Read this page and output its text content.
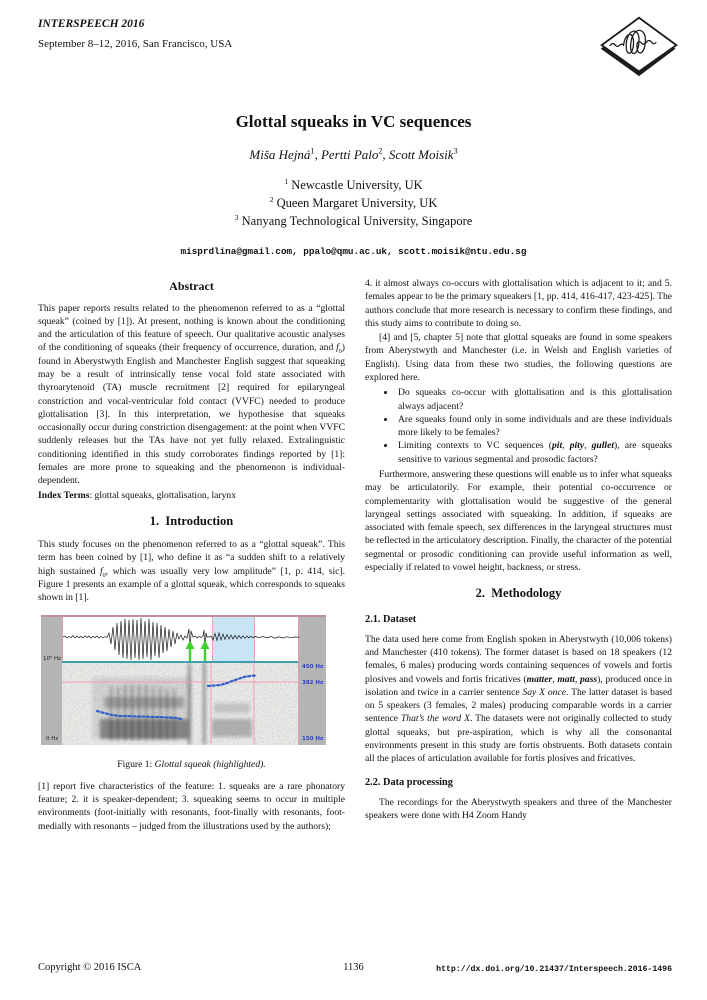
INTERSPEECH 2016
September 8–12, 2016, San Francisco, USA
Glottal squeaks in VC sequences
Miša Hejná$^1$, Pertti Palo$^2$, Scott Moisik$^3$
$^1$ Newcastle University, UK
$^2$ Queen Margaret University, UK
$^3$ Nanyang Technological University, Singapore
misprdlina@gmail.com, ppalo@qmu.ac.uk, scott.moisik@ntu.edu.sg
Abstract

This paper reports results related to the phenomenon referred to as a “glottal squeak” (coined by [1]). At present, nothing is known about the conditioning and the articulation of this feature of speech. Our qualitative acoustic analyses of the conditioning of squeaks (their frequency of occurrence, duration, and $f_0$) found in Aberystwyth English and Manchester English suggest that squeaking may be a result of intrinsically tense vocal fold state associated with thyroarytenoid (TA) muscle recruitment [2] required for epilaryngeal constriction and vocal-ventricular fold contact (VVFC) needed to produce glottalisation [3]. In this interpretation, we hypothesise that squeaks occasionally occur during constriction disengagement: at the point when VVFC suddenly releases but the TAs have not yet fully relaxed. Extralinguistic conditioning identified in this study corroborates findings reported by [1]: females are more prone to squeaking and the phenomenon is individual-dependent.

Index Terms: glottal squeaks, glottalisation, larynx

1.  Introduction

This study focuses on the phenomenon referred to as a “glottal squeak”. This term has been coined by [1], who define it as “a sudden shift to a relatively high sustained $f_0$, which was usually very low amplitude” [1, p. 414, sic]. Figure 1 presents an example of a glottal squeak, which corresponds to squeaks shown in [1].

10⁵ Hz
0 Hz
450 Hz
382 Hz
150 Hz
Figure 1: Glottal squeak (highlighted).

[1] report five characteristics of the feature: 1. squeaks are a rare phonatory feature; 2. it is speaker-dependent; 3. squeaking seems to occur in multiple environments (foot-initially with resonants, foot-finally with resonants, foot-medially with resonants – judged from the illustrations used by the authors);

4. it almost always co-occurs with glottalisation which is adjacent to it; and 5. females appear to be the primary squeakers [1, pp. 414, 416-417, 423-425]. The authors conclude that more research is necessary to confirm these findings, and this study aims to contribute to doing so.

[4] and [5, chapter 5] note that glottal squeaks are found in some speakers from Aberystwyth and Manchester (i.e. in Welsh and English varieties of English). Using data from these two studies, the following questions are explored here.

• Do squeaks co-occur with glottalisation and is this glottalisation always adjacent?
• Are squeaks found only in some individuals and are these individuals more likely to be females?
• Limiting contexts to VC sequences (pit, pity, gullet), are squeaks sensitive to various segmental and prosodic factors?

Furthermore, answering these questions will enable us to infer what squeaks may be articulatorily. For example, their potential co-occurrence or complementarity with glottalisation would be suggestive of the general laryngeal settings associated with squeaking. In addition, if squeaks are associated with female speech, sex differences in the laryngeal structures must be reflected in the articulatory description. Finally, the character of the potential segmental or prosodic conditioning can provide useful information as well, especially if related to vowel height, backness, or stress.

2.  Methodology
2.1. Dataset

The data used here come from English spoken in Aberystwyth (10,006 tokens) and Manchester (410 tokens). The former dataset is based on 18 speakers (12 females, 6 males) producing words containing sequences of vowels and fortis plosives and vowels and fortis fricatives (matter, matt, pass), produced once in isolation and twice in a carrier sentence Say X once. The latter dataset is based on 5 speakers (3 females, 2 males) producing comparable words in a carrier sentence That’s the word X. The datasets were not originally collected to study glottal squeaks, but pre-aspiration, which is why all the consonantal environments present in this study are fortis obstruents. Both datasets contain all the places of articulation available for fortis plosives and fricatives.

2.2. Data processing

The recordings for the Aberystwyth speakers and three of the Manchester speakers were done with H4 Zoom Handy

Copyright © 2016 ISCA	1136	http://dx.doi.org/10.21437/Interspeech.2016-1496
